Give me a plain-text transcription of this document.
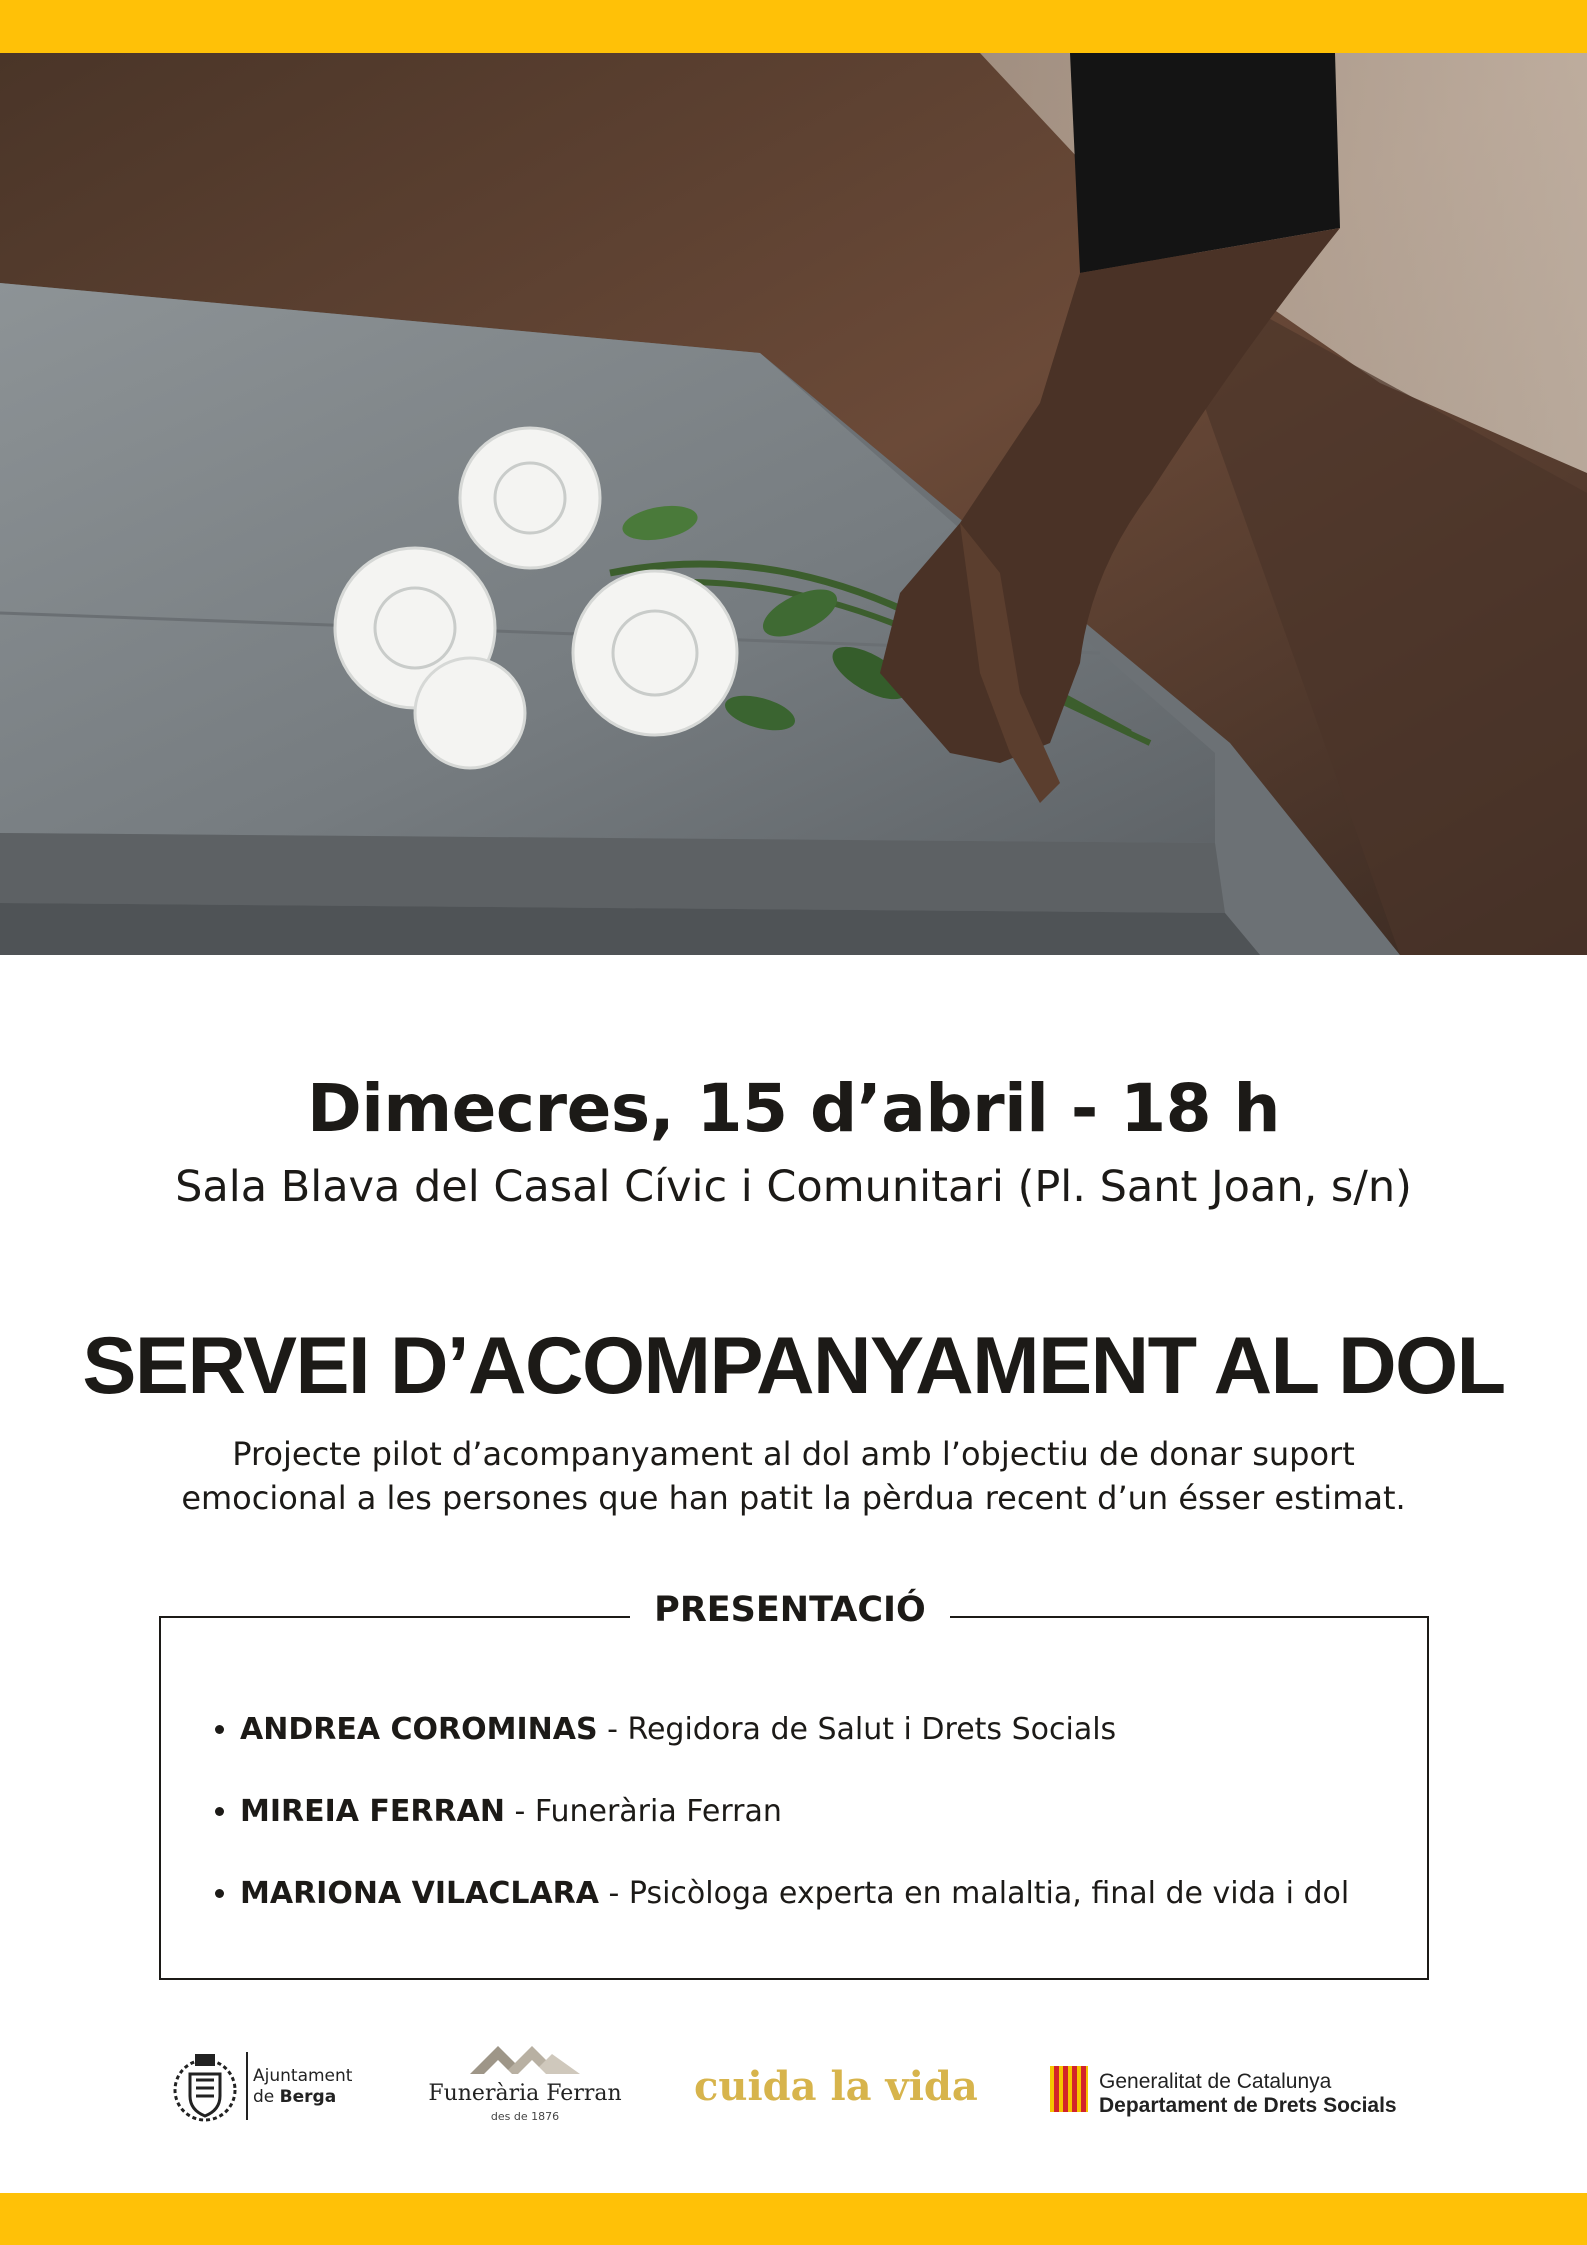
Dimecres, 15 d’abril - 18 h
Sala Blava del Casal Cívic i Comunitari (Pl. Sant Joan, s/n)
SERVEI D’ACOMPANYAMENT AL DOL
Projecte pilot d’acompanyament al dol amb l’objectiu de donar suport
emocional a les persones que han patit la pèrdua recent d’un ésser estimat.
PRESENTACIÓ
ANDREA COROMINAS - Regidora de Salut i Drets Socials
MIREIA FERRAN - Funerària Ferran
MARIONA VILACLARA - Psicòloga experta en malaltia, final de vida i dol
Ajuntament
de Berga	Funerària Ferran
des de 1876
cuida la vida	Generalitat de Catalunya
Departament de Drets Socials
